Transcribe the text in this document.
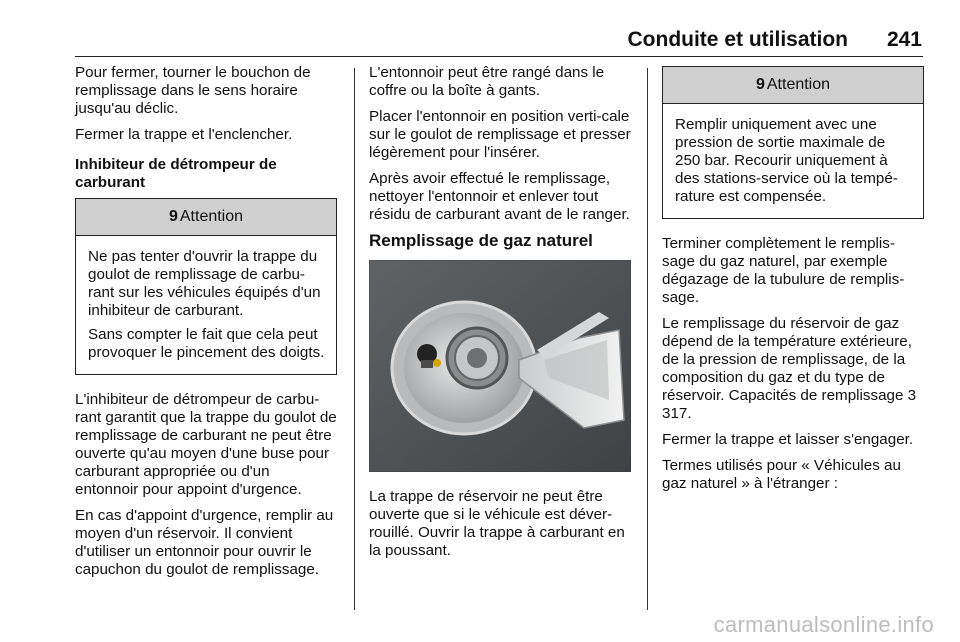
Conduite et utilisation 241

Pour fermer, tourner le bouchon de remplissage dans le sens horaire jusqu'au déclic.

Fermer la trappe et l'enclencher.

Inhibiteur de détrompeur de carburant
9 Attention

Ne pas tenter d'ouvrir la trappe du goulot de remplissage de carbu-rant sur les véhicules équipés d'un inhibiteur de carburant.

Sans compter le fait que cela peut provoquer le pincement des doigts.

L'inhibiteur de détrompeur de carbu-rant garantit que la trappe du goulot de remplissage de carburant ne peut être ouverte qu'au moyen d'une buse pour carburant appropriée ou d'un entonnoir pour appoint d'urgence.

En cas d'appoint d'urgence, remplir au moyen d'un réservoir. Il convient d'utiliser un entonnoir pour ouvrir le capuchon du goulot de remplissage.

L'entonnoir peut être rangé dans le coffre ou la boîte à gants.

Placer l'entonnoir en position verti-cale sur le goulot de remplissage et presser légèrement pour l'insérer.

Après avoir effectué le remplissage, nettoyer l'entonnoir et enlever tout résidu de carburant avant de le ranger.

Remplissage de gaz naturel

La trappe de réservoir ne peut être ouverte que si le véhicule est déver-rouillé. Ouvrir la trappe à carburant en la poussant.

9 Attention

Remplir uniquement avec une pression de sortie maximale de 250 bar. Recourir uniquement à des stations-service où la tempé-rature est compensée.

Terminer complètement le remplis-sage du gaz naturel, par exemple dégazage de la tubulure de remplis-sage.

Le remplissage du réservoir de gaz dépend de la température extérieure, de la pression de remplissage, de la composition du gaz et du type de réservoir. Capacités de remplissage 3 317.

Fermer la trappe et laisser s'engager.

Termes utilisés pour « Véhicules au gaz naturel » à l'étranger :

carmanualsonline.info
